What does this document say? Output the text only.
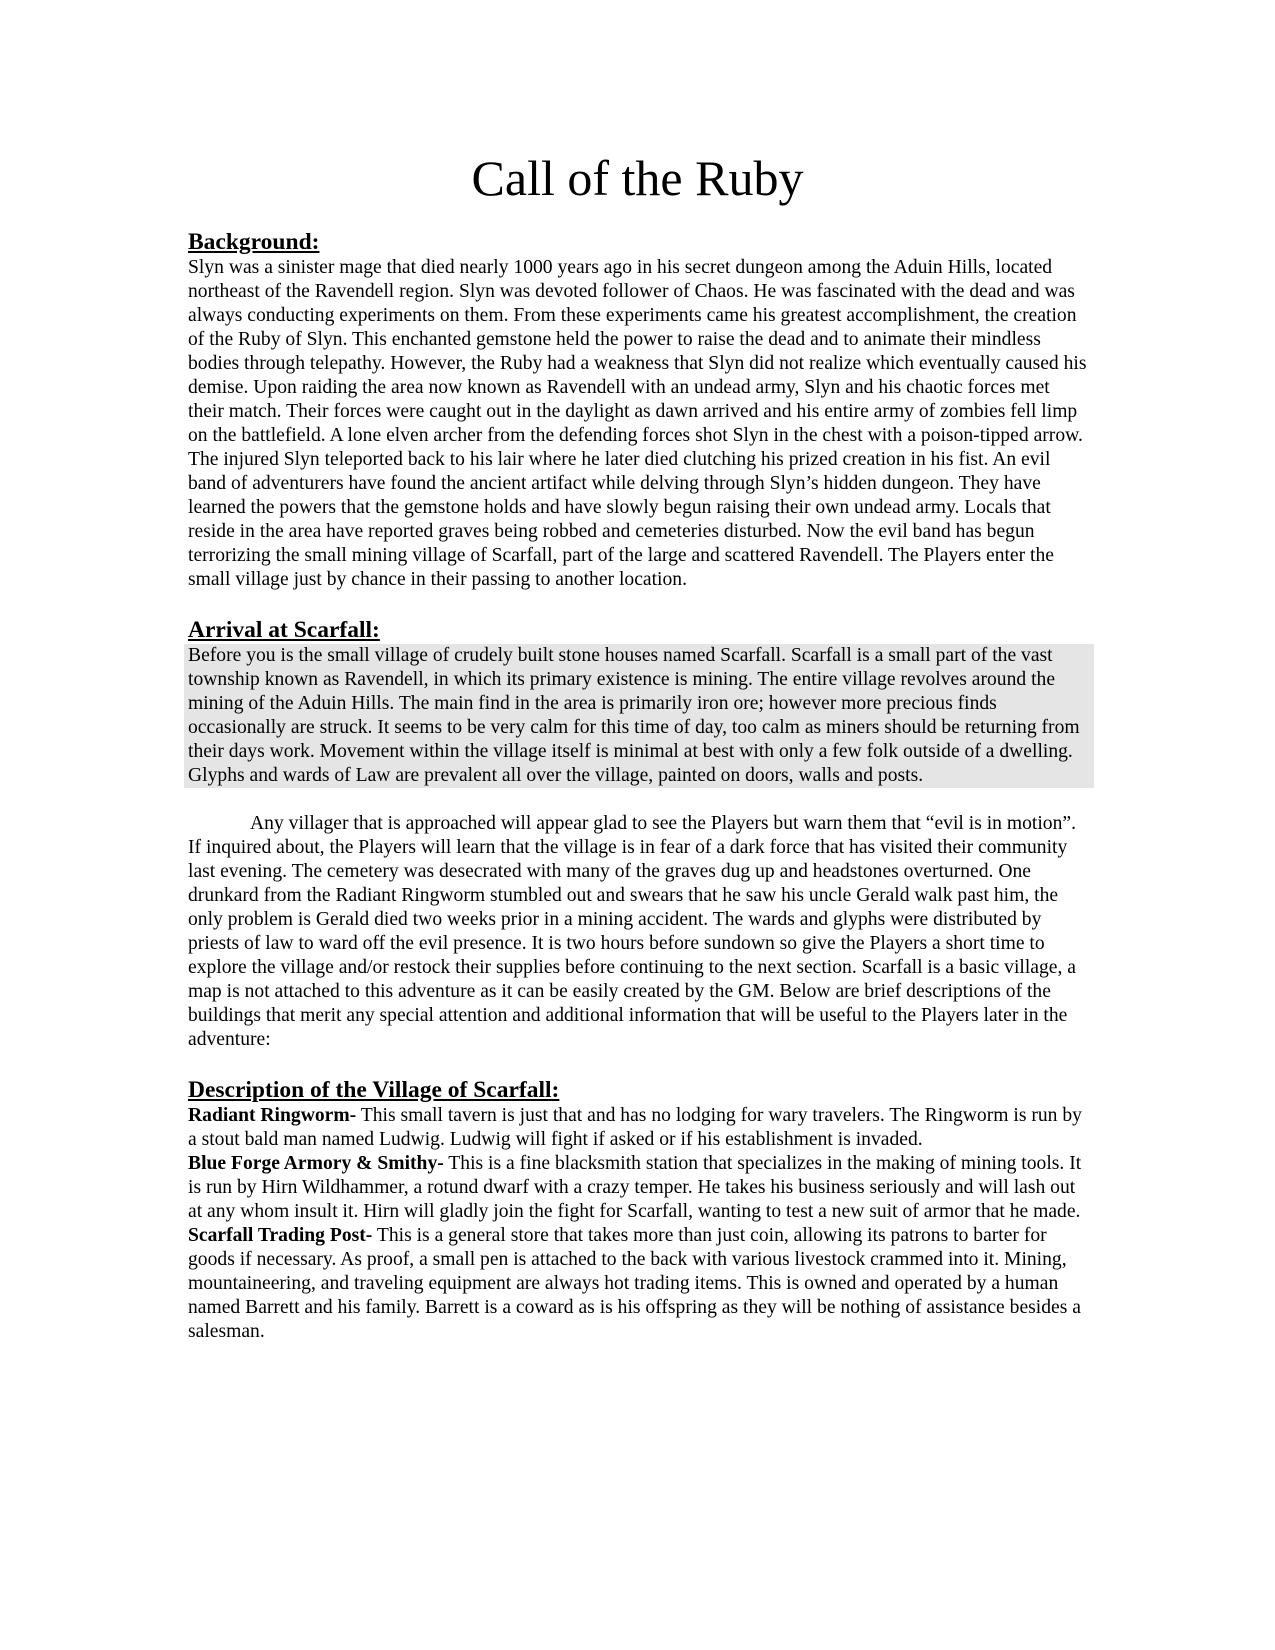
Call of the Ruby
Background:

Slyn was a sinister mage that died nearly 1000 years ago in his secret dungeon among the Aduin Hills, located northeast of the Ravendell region. Slyn was devoted follower of Chaos. He was fascinated with the dead and was always conducting experiments on them. From these experiments came his greatest accomplishment, the creation of the Ruby of Slyn. This enchanted gemstone held the power to raise the dead and to animate their mindless bodies through telepathy. However, the Ruby had a weakness that Slyn did not realize which eventually caused his demise. Upon raiding the area now known as Ravendell with an undead army, Slyn and his chaotic forces met their match. Their forces were caught out in the daylight as dawn arrived and his entire army of zombies fell limp on the battlefield. A lone elven archer from the defending forces shot Slyn in the chest with a poison-tipped arrow. The injured Slyn teleported back to his lair where he later died clutching his prized creation in his fist. An evil band of adventurers have found the ancient artifact while delving through Slyn’s hidden dungeon. They have learned the powers that the gemstone holds and have slowly begun raising their own undead army. Locals that reside in the area have reported graves being robbed and cemeteries disturbed. Now the evil band has begun terrorizing the small mining village of Scarfall, part of the large and scattered Ravendell. The Players enter the small village just by chance in their passing to another location.

Arrival at Scarfall:

Before you is the small village of crudely built stone houses named Scarfall. Scarfall is a small part of the vast township known as Ravendell, in which its primary existence is mining. The entire village revolves around the mining of the Aduin Hills. The main find in the area is primarily iron ore; however more precious finds occasionally are struck. It seems to be very calm for this time of day, too calm as miners should be returning from their days work. Movement within the village itself is minimal at best with only a few folk outside of a dwelling. Glyphs and wards of Law are prevalent all over the village, painted on doors, walls and posts.

Any villager that is approached will appear glad to see the Players but warn them that “evil is in motion”. If inquired about, the Players will learn that the village is in fear of a dark force that has visited their community last evening. The cemetery was desecrated with many of the graves dug up and headstones overturned. One drunkard from the Radiant Ringworm stumbled out and swears that he saw his uncle Gerald walk past him, the only problem is Gerald died two weeks prior in a mining accident. The wards and glyphs were distributed by priests of law to ward off the evil presence. It is two hours before sundown so give the Players a short time to explore the village and/or restock their supplies before continuing to the next section. Scarfall is a basic village, a map is not attached to this adventure as it can be easily created by the GM. Below are brief descriptions of the buildings that merit any special attention and additional information that will be useful to the Players later in the adventure:

Description of the Village of Scarfall:

Radiant Ringworm- This small tavern is just that and has no lodging for wary travelers. The Ringworm is run by a stout bald man named Ludwig. Ludwig will fight if asked or if his establishment is invaded.

Blue Forge Armory & Smithy- This is a fine blacksmith station that specializes in the making of mining tools. It is run by Hirn Wildhammer, a rotund dwarf with a crazy temper. He takes his business seriously and will lash out at any whom insult it. Hirn will gladly join the fight for Scarfall, wanting to test a new suit of armor that he made.

Scarfall Trading Post- This is a general store that takes more than just coin, allowing its patrons to barter for goods if necessary. As proof, a small pen is attached to the back with various livestock crammed into it. Mining, mountaineering, and traveling equipment are always hot trading items. This is owned and operated by a human named Barrett and his family. Barrett is a coward as is his offspring as they will be nothing of assistance besides a salesman.
